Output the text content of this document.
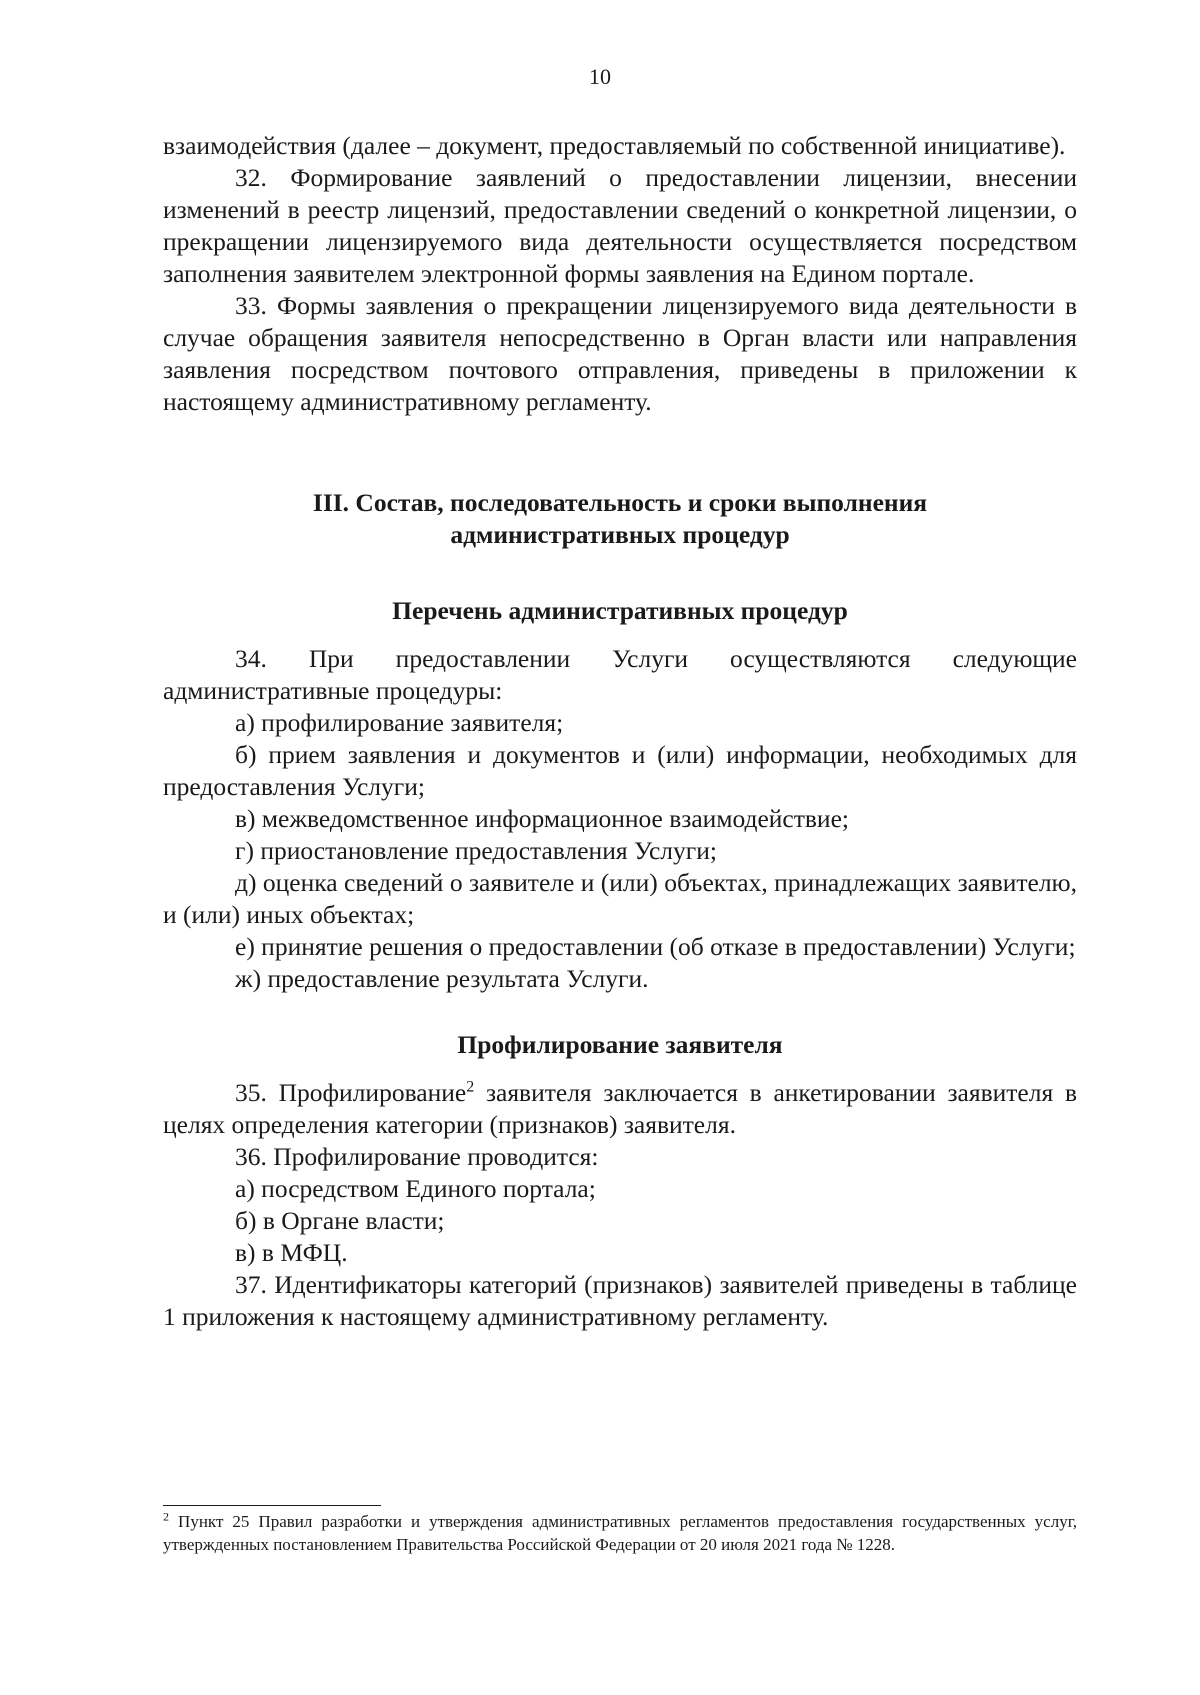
10

взаимодействия (далее – документ, предоставляемый по собственной инициативе).

32. Формирование заявлений о предоставлении лицензии, внесении изменений в реестр лицензий, предоставлении сведений о конкретной лицензии, о прекращении лицензируемого вида деятельности осуществляется посредством заполнения заявителем электронной формы заявления на Едином портале.

33. Формы заявления о прекращении лицензируемого вида деятельности в случае обращения заявителя непосредственно в Орган власти или направления заявления посредством почтового отправления, приведены в приложении к настоящему административному регламенту.

III. Состав, последовательность и сроки выполнения
административных процедур
Перечень административных процедур

34. При предоставлении Услуги осуществляются следующие административные процедуры:

а) профилирование заявителя;

б) прием заявления и документов и (или) информации, необходимых для предоставления Услуги;

в) межведомственное информационное взаимодействие;

г) приостановление предоставления Услуги;

д) оценка сведений о заявителе и (или) объектах, принадлежащих заявителю, и (или) иных объектах;

е) принятие решения о предоставлении (об отказе в предоставлении) Услуги;

ж) предоставление результата Услуги.

Профилирование заявителя

35. Профилирование$^2$ заявителя заключается в анкетировании заявителя в целях определения категории (признаков) заявителя.

36. Профилирование проводится:

а) посредством Единого портала;

б) в Органе власти;

в) в МФЦ.

37. Идентификаторы категорий (признаков) заявителей приведены в таблице 1 приложения к настоящему административному регламенту.

$^2$ Пункт 25 Правил разработки и утверждения административных регламентов предоставления государственных услуг, утвержденных постановлением Правительства Российской Федерации от 20 июля 2021 года № 1228.
